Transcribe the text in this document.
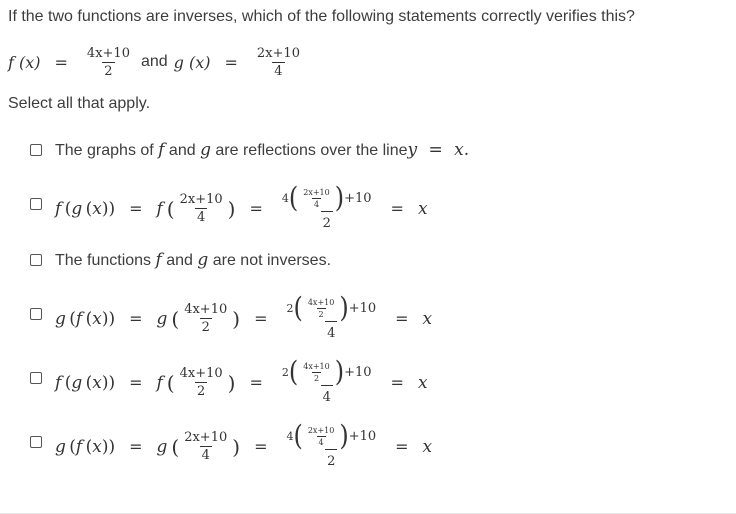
If the two functions are inverses, which of the following statements correctly verifies this?
f $(x) = \frac{4x+10}{2}$ and g $(x) = \frac{2x+10}{4}$
Select all that apply.
The graphs of f and g are reflections over the liney = x.
f  ( g  ( x )) = f  ( $\frac{2x+10}{4}$ ) = $\frac{4 ( \frac{2x+10}{4} ) +10}{2} = x$
The functions f and g are not inverses.
g  ( f  ( x )) = g  ( $\frac{4x+10}{2}$ ) = $\frac{2 ( \frac{4x+10}{2} ) +10}{4} = x$
f  ( g  ( x )) = f  ( $\frac{4x+10}{2}$ ) = $\frac{2 ( \frac{4x+10}{2} ) +10}{4} = x$
g  ( f  ( x )) = g  ( $\frac{2x+10}{4}$ ) = $\frac{4 ( \frac{2x+10}{4} ) +10}{2} = x$
